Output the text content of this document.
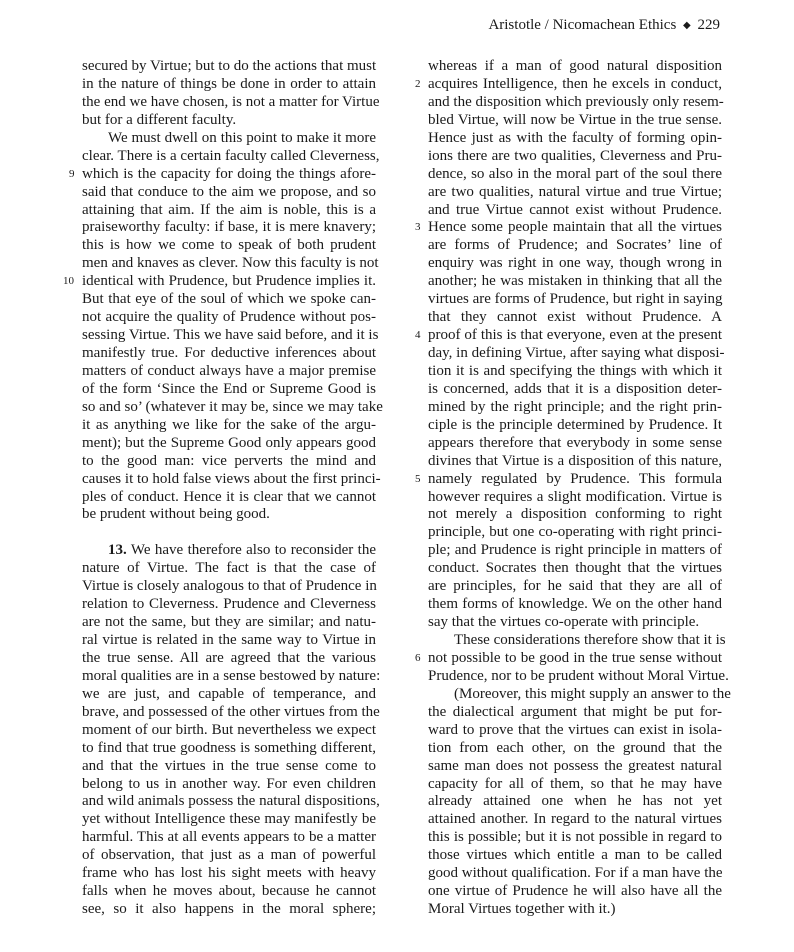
Aristotle / Nicomachean Ethics ◆ 229
secured by Virtue; but to do the actions that must
in the nature of things be done in order to attain
the end we have chosen, is not a matter for Virtue
but for a different faculty.
We must dwell on this point to make it more
clear. There is a certain faculty called Cleverness,
9 which is the capacity for doing the things afore-
said that conduce to the aim we propose, and so
attaining that aim. If the aim is noble, this is a
praiseworthy faculty: if base, it is mere knavery;
this is how we come to speak of both prudent
men and knaves as clever. Now this faculty is not
10 identical with Prudence, but Prudence implies it.
But that eye of the soul of which we spoke can-
not acquire the quality of Prudence without pos-
sessing Virtue. This we have said before, and it is
manifestly true. For deductive inferences about
matters of conduct always have a major premise
of the form ‘Since the End or Supreme Good is
so and so’ (whatever it may be, since we may take
it as anything we like for the sake of the argu-
ment); but the Supreme Good only appears good
to the good man: vice perverts the mind and
causes it to hold false views about the first princi-
ples of conduct. Hence it is clear that we cannot
be prudent without being good.
13. We have therefore also to reconsider the
nature of Virtue. The fact is that the case of
Virtue is closely analogous to that of Prudence in
relation to Cleverness. Prudence and Cleverness
are not the same, but they are similar; and natu-
ral virtue is related in the same way to Virtue in
the true sense. All are agreed that the various
moral qualities are in a sense bestowed by nature:
we are just, and capable of temperance, and
brave, and possessed of the other virtues from the
moment of our birth. But nevertheless we expect
to find that true goodness is something different,
and that the virtues in the true sense come to
belong to us in another way. For even children
and wild animals possess the natural dispositions,
yet without Intelligence these may manifestly be
harmful. This at all events appears to be a matter
of observation, that just as a man of powerful
frame who has lost his sight meets with heavy
falls when he moves about, because he cannot
see, so it also happens in the moral sphere;
whereas if a man of good natural disposition
2 acquires Intelligence, then he excels in conduct,
and the disposition which previously only resem-
bled Virtue, will now be Virtue in the true sense.
Hence just as with the faculty of forming opin-
ions there are two qualities, Cleverness and Pru-
dence, so also in the moral part of the soul there
are two qualities, natural virtue and true Virtue;
and true Virtue cannot exist without Prudence.
3 Hence some people maintain that all the virtues
are forms of Prudence; and Socrates’ line of
enquiry was right in one way, though wrong in
another; he was mistaken in thinking that all the
virtues are forms of Prudence, but right in saying
that they cannot exist without Prudence. A
4 proof of this is that everyone, even at the present
day, in defining Virtue, after saying what disposi-
tion it is and specifying the things with which it
is concerned, adds that it is a disposition deter-
mined by the right principle; and the right prin-
ciple is the principle determined by Prudence. It
appears therefore that everybody in some sense
divines that Virtue is a disposition of this nature,
5 namely regulated by Prudence. This formula
however requires a slight modification. Virtue is
not merely a disposition conforming to right
principle, but one co-operating with right princi-
ple; and Prudence is right principle in matters of
conduct. Socrates then thought that the virtues
are principles, for he said that they are all of
them forms of knowledge. We on the other hand
say that the virtues co-operate with principle.
These considerations therefore show that it is
6 not possible to be good in the true sense without
Prudence, nor to be prudent without Moral Virtue.
(Moreover, this might supply an answer to the
the dialectical argument that might be put for-
ward to prove that the virtues can exist in isola-
tion from each other, on the ground that the
same man does not possess the greatest natural
capacity for all of them, so that he may have
already attained one when he has not yet
attained another. In regard to the natural virtues
this is possible; but it is not possible in regard to
those virtues which entitle a man to be called
good without qualification. For if a man have the
one virtue of Prudence he will also have all the
Moral Virtues together with it.)
